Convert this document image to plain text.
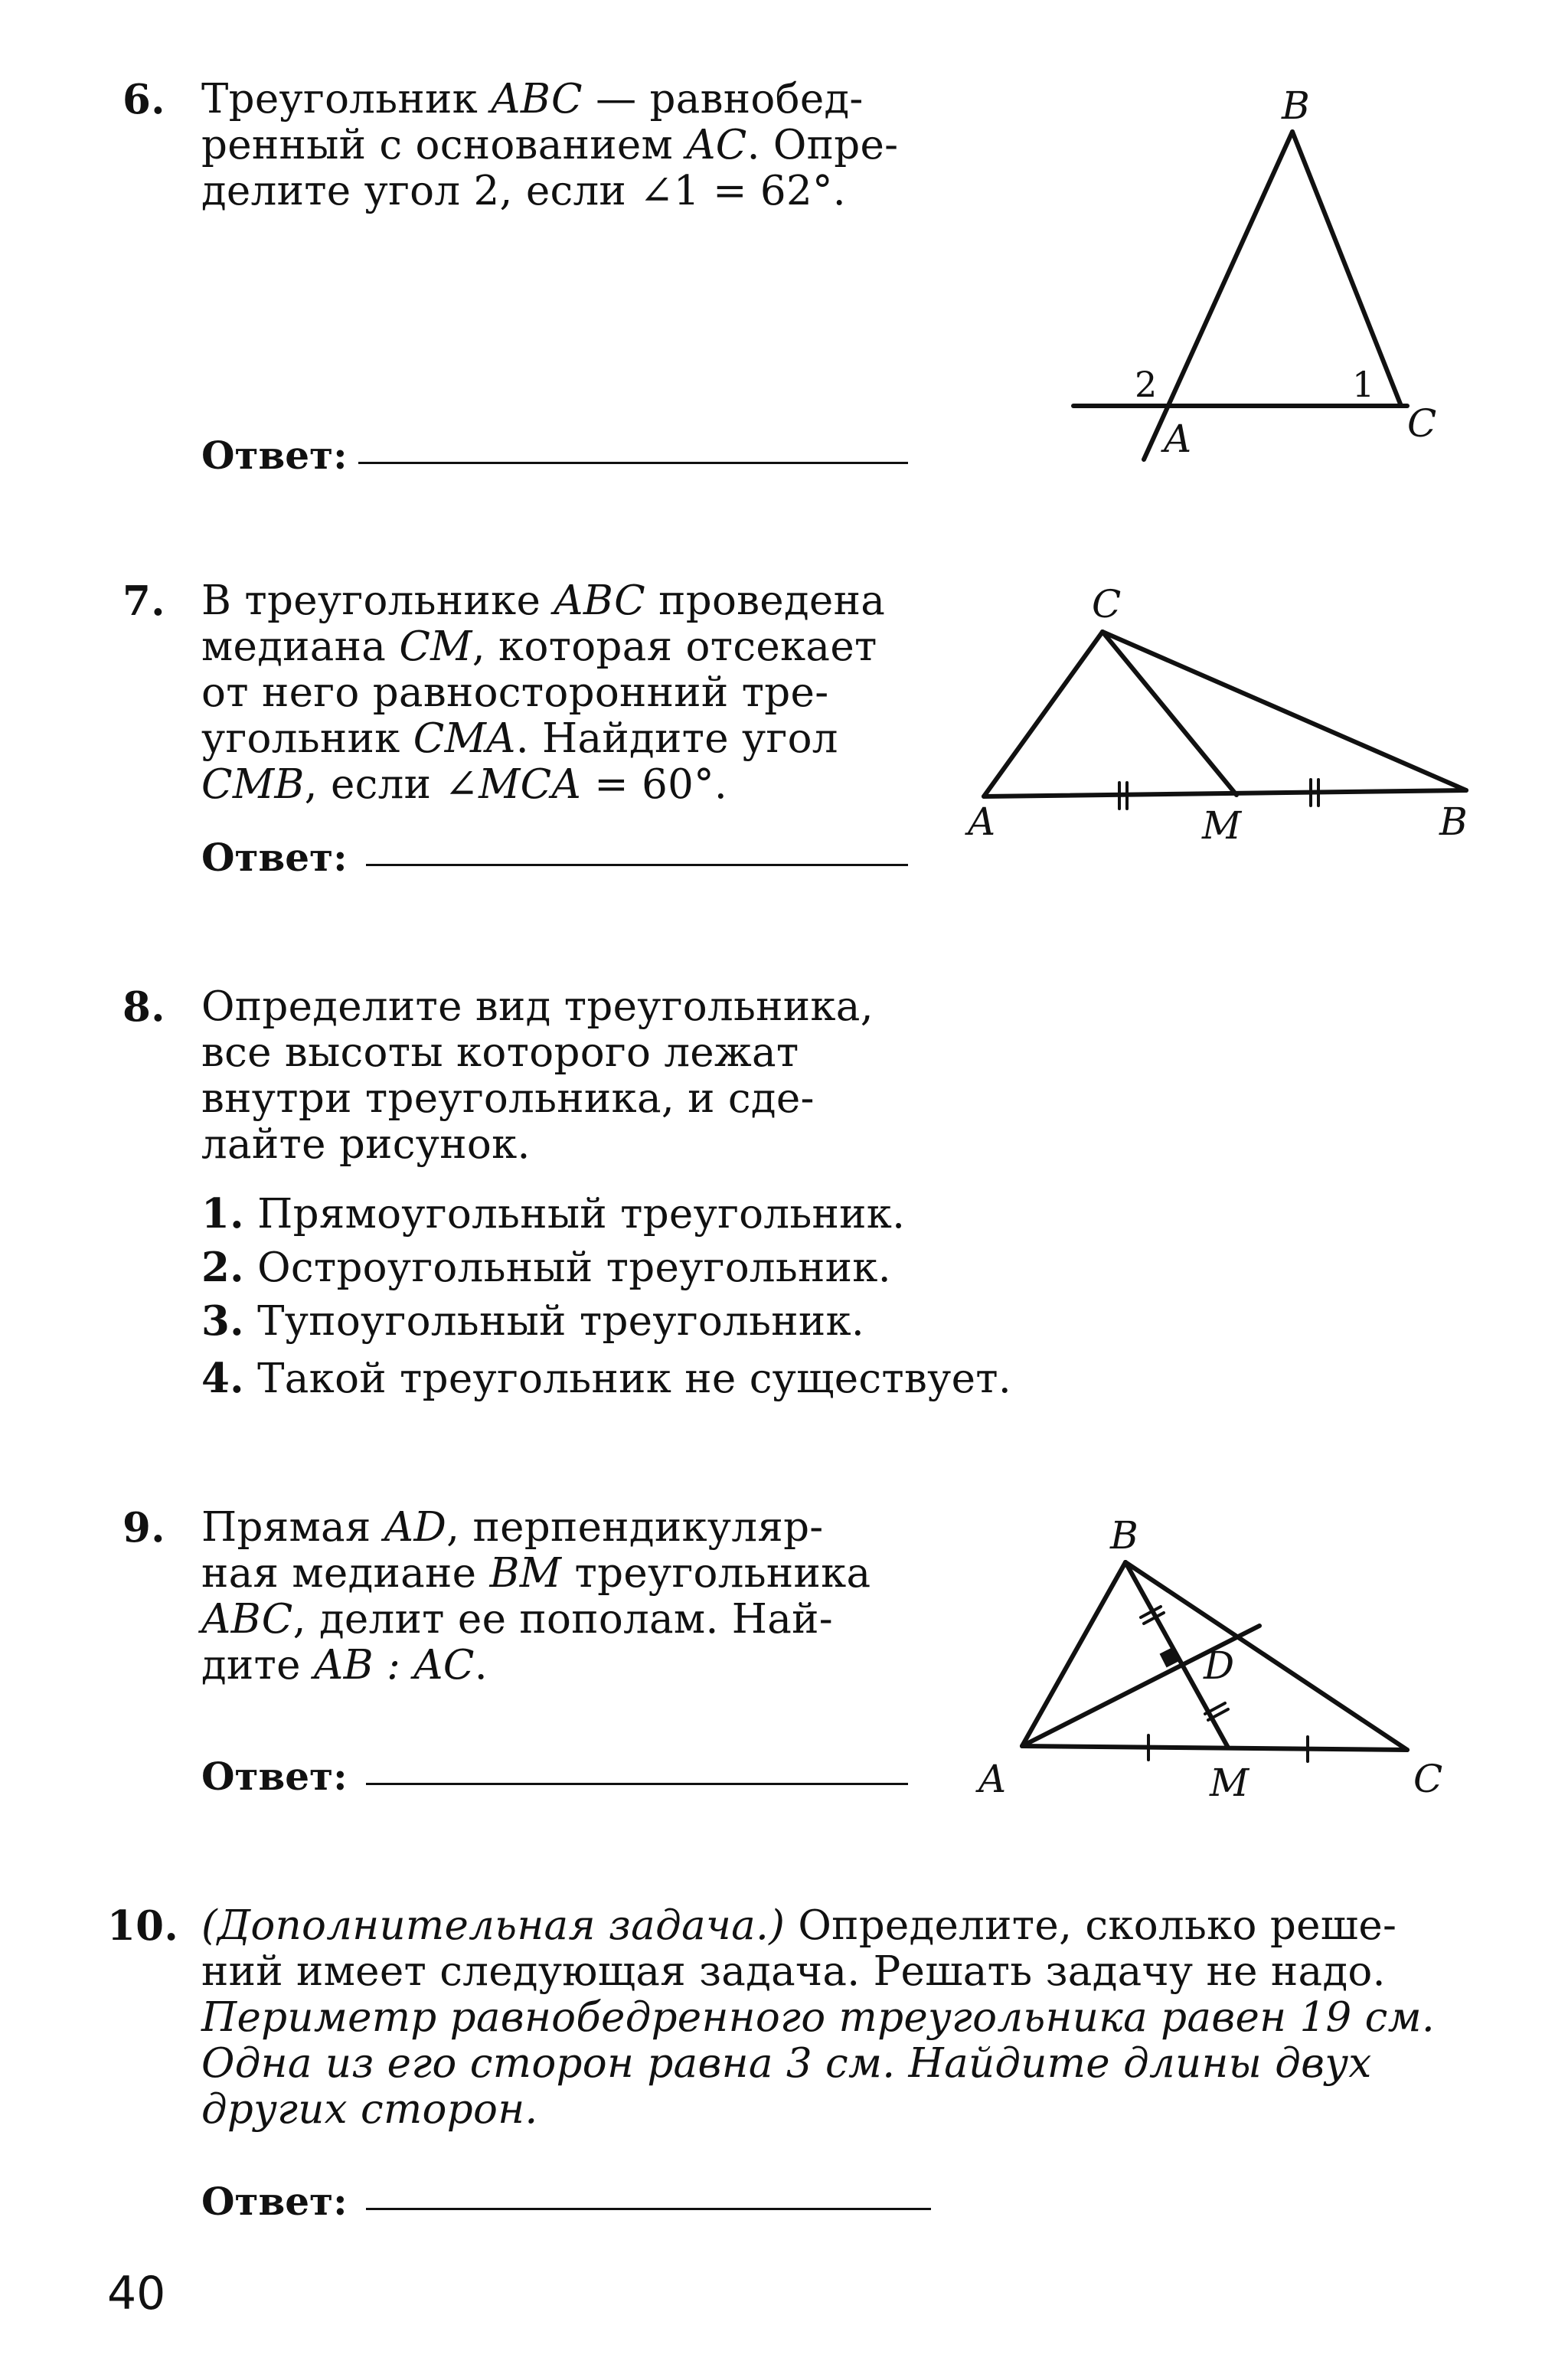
6. Треугольник ABC — равнобед-
ренный с основанием AC. Опре-
делите угол 2, если ∠1 = 62°.
Ответ:
7. В треугольнике ABC проведена
медиана CM, которая отсекает
от него равносторонний тре-
угольник CMA. Найдите угол
CMB, если ∠MCA = 60°.
Ответ:
8. Определите вид треугольника,
все высоты которого лежат
внутри треугольника, и сде-
лайте рисунок.
1. Прямоугольный треугольник.
2. Остроугольный треугольник.
3. Тупоугольный треугольник.
4. Такой треугольник не существует.
9. Прямая AD, перпендикуляр-
ная медиане BM треугольника
ABC, делит ее пополам. Най-
дите AB : AC.
Ответ:
10. (Дополнительная задача.) Определите, сколько реше-
ний имеет следующая задача. Решать задачу не надо.
Периметр равнобедренного треугольника равен 19 см.
Одна из его сторон равна 3 см. Найдите длины двух
других сторон.
Ответ:
40
B
A	C
1
2
C
A	M	B
B
D
A	M	C
